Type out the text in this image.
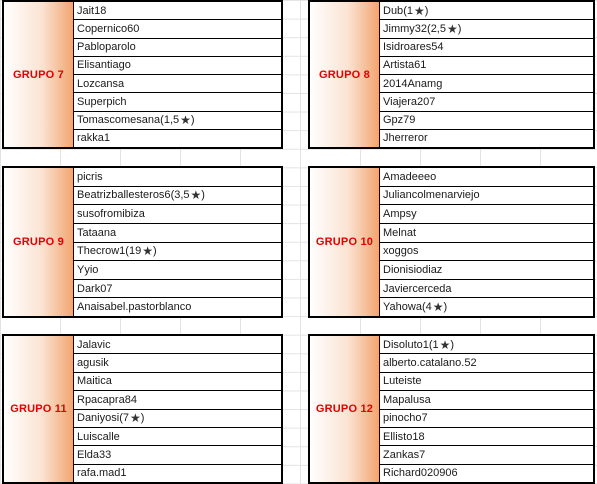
GRUPO 7
Jait18
Copernico60
Pabloparolo
Elisantiago
Lozcansa
Superpich
Tomascomesana ( 1,5 ★ )
rakka1
GRUPO 8
Dub ( 1 ★ )
Jimmy32 ( 2,5 ★ )
Isidroares54
Artista61
2014Anamg
Viajera207
Gpz79
Jherreror
GRUPO 9
picris
Beatrizballesteros6 ( 3,5 ★ )
susofromibiza
Tataana
Thecrow1 ( 19 ★ )
Yyio
Dark07
Anaisabel.pastorblanco
GRUPO 10
Amadeeeo
Juliancolmenarviejo
Ampsy
Melnat
xoggos
Dionisiodiaz
Javiercerceda
Yahowa ( 4 ★ )
GRUPO 11
Jalavic
agusik
Maitica
Rpacapra84
Daniyosi ( 7 ★ )
Luiscalle
Elda33
rafa.mad1
GRUPO 12
Disoluto1 ( 1 ★ )
alberto.catalano.52
Luteiste
Mapalusa
pinocho7
Ellisto18
Zankas7
Richard020906
